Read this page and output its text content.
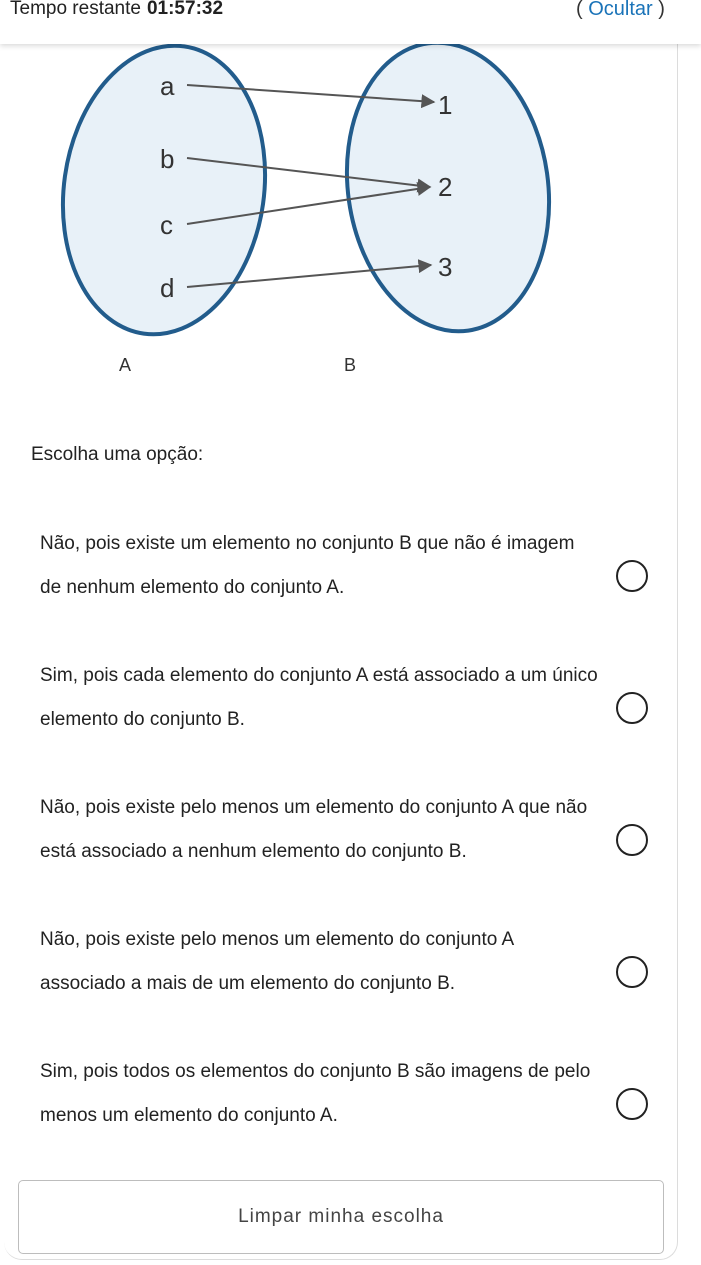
Tempo restante 01:57:32	( Ocultar )
a
b
c
d
1
2
3
A	B
Escolha uma opção:
Não, pois existe um elemento no conjunto B que não é imagem de nenhum elemento do conjunto A.
Sim, pois cada elemento do conjunto A está associado a um único elemento do conjunto B.
Não, pois existe pelo menos um elemento do conjunto A que não está associado a nenhum elemento do conjunto B.
Não, pois existe pelo menos um elemento do conjunto A associado a mais de um elemento do conjunto B.
Sim, pois todos os elementos do conjunto B são imagens de pelo menos um elemento do conjunto A.
Limpar minha escolha
